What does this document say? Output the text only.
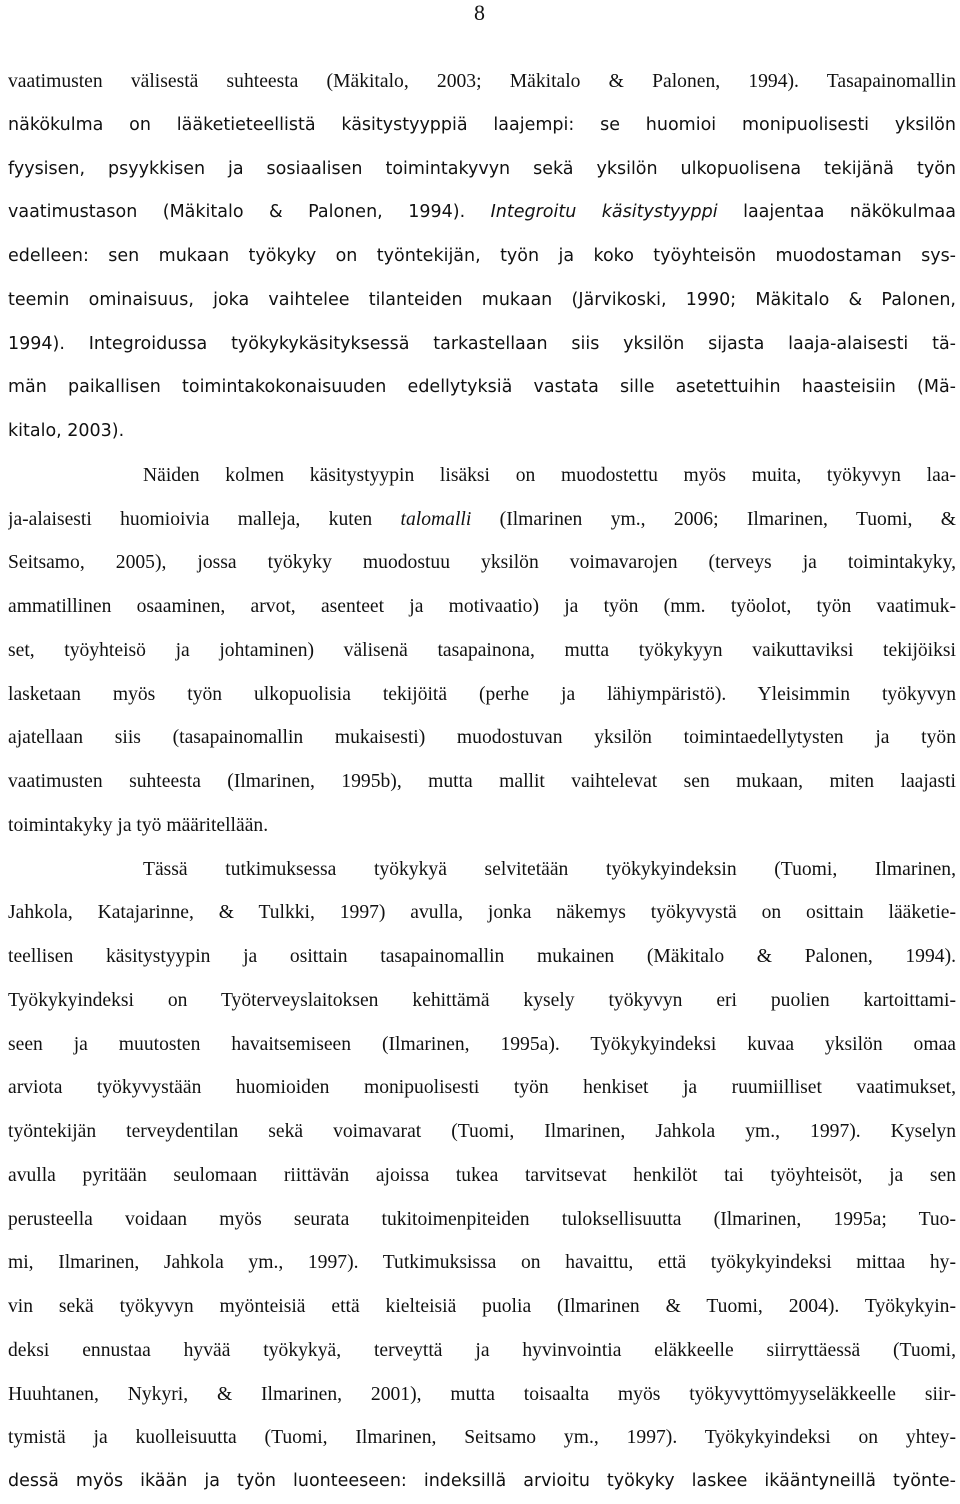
8
vaatimusten välisestä suhteesta (Mäkitalo, 2003; Mäkitalo & Palonen, 1994). Tasapainomallin
näkökulma on lääketieteellistä käsitystyyppiä laajempi: se huomioi monipuolisesti yksilön
fyysisen, psyykkisen ja sosiaalisen toimintakyvyn sekä yksilön ulkopuolisena tekijänä työn
vaatimustason (Mäkitalo & Palonen, 1994). Integroitu käsitystyyppi laajentaa näkökulmaa
edelleen: sen mukaan työkyky on työntekijän, työn ja koko työyhteisön muodostaman sys-
teemin ominaisuus, joka vaihtelee tilanteiden mukaan (Järvikoski, 1990; Mäkitalo & Palonen,
1994). Integroidussa työkykykäsityksessä tarkastellaan siis yksilön sijasta laaja-alaisesti tä-
män paikallisen toimintakokonaisuuden edellytyksiä vastata sille asetettuihin haasteisiin (Mä-
kitalo, 2003).
Näiden kolmen käsitystyypin lisäksi on muodostettu myös muita, työkyvyn laa-
ja-alaisesti huomioivia malleja, kuten talomalli (Ilmarinen ym., 2006; Ilmarinen, Tuomi, &
Seitsamo, 2005), jossa työkyky muodostuu yksilön voimavarojen (terveys ja toimintakyky,
ammatillinen osaaminen, arvot, asenteet ja motivaatio) ja työn (mm. työolot, työn vaatimuk-
set, työyhteisö ja johtaminen) välisenä tasapainona, mutta työkykyyn vaikuttaviksi tekijöiksi
lasketaan myös työn ulkopuolisia tekijöitä (perhe ja lähiympäristö). Yleisimmin työkyvyn
ajatellaan siis (tasapainomallin mukaisesti) muodostuvan yksilön toimintaedellytysten ja työn
vaatimusten suhteesta (Ilmarinen, 1995b), mutta mallit vaihtelevat sen mukaan, miten laajasti
toimintakyky ja työ määritellään.
Tässä tutkimuksessa työkykyä selvitetään työkykyindeksin (Tuomi, Ilmarinen,
Jahkola, Katajarinne, & Tulkki, 1997) avulla, jonka näkemys työkyvystä on osittain lääketie-
teellisen käsitystyypin ja osittain tasapainomallin mukainen (Mäkitalo & Palonen, 1994).
Työkykyindeksi on Työterveyslaitoksen kehittämä kysely työkyvyn eri puolien kartoittami-
seen ja muutosten havaitsemiseen (Ilmarinen, 1995a). Työkykyindeksi kuvaa yksilön omaa
arviota työkyvystään huomioiden monipuolisesti työn henkiset ja ruumiilliset vaatimukset,
työntekijän terveydentilan sekä voimavarat (Tuomi, Ilmarinen, Jahkola ym., 1997). Kyselyn
avulla pyritään seulomaan riittävän ajoissa tukea tarvitsevat henkilöt tai työyhteisöt, ja sen
perusteella voidaan myös seurata tukitoimenpiteiden tuloksellisuutta (Ilmarinen, 1995a; Tuo-
mi, Ilmarinen, Jahkola ym., 1997). Tutkimuksissa on havaittu, että työkykyindeksi mittaa hy-
vin sekä työkyvyn myönteisiä että kielteisiä puolia (Ilmarinen & Tuomi, 2004). Työkykyin-
deksi ennustaa hyvää työkykyä, terveyttä ja hyvinvointia eläkkeelle siirryttäessä (Tuomi,
Huuhtanen, Nykyri, & Ilmarinen, 2001), mutta toisaalta myös työkyvyttömyyseläkkeelle siir-
tymistä ja kuolleisuutta (Tuomi, Ilmarinen, Seitsamo ym., 1997). Työkykyindeksi on yhtey-
dessä myös ikään ja työn luonteeseen: indeksillä arvioitu työkyky laskee ikääntyneillä työnte-
